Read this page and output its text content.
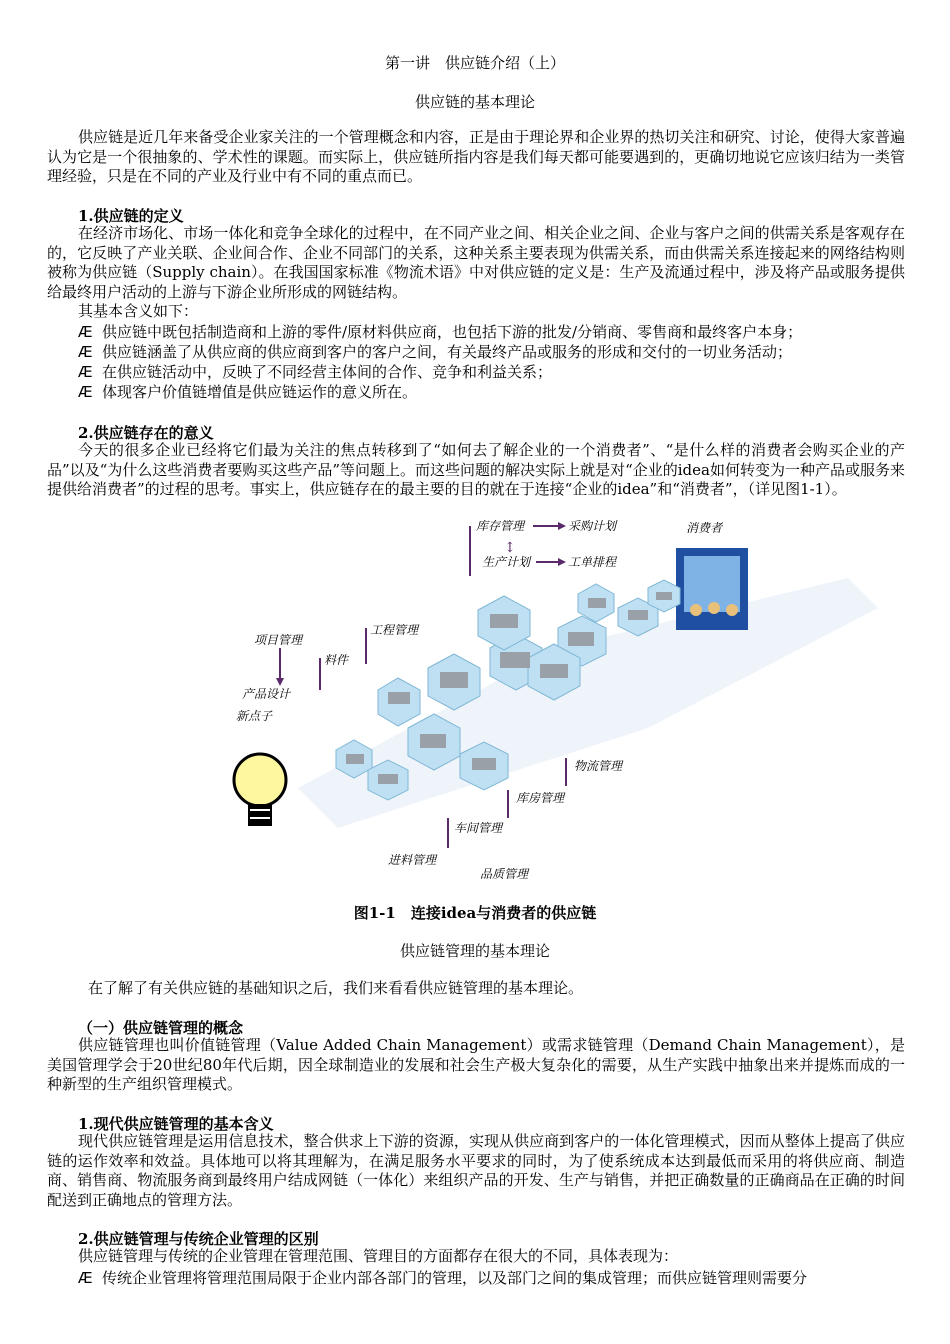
第一讲　供应链介绍（上）
供应链的基本理论

供应链是近几年来备受企业家关注的一个管理概念和内容，正是由于理论界和企业界的热切关注和研究、讨论，使得大家普遍认为它是一个很抽象的、学术性的课题。而实际上，供应链所指内容是我们每天都可能要遇到的，更确切地说它应该归结为一类管理经验，只是在不同的产业及行业中有不同的重点而已。

1.供应链的定义

在经济市场化、市场一体化和竞争全球化的过程中，在不同产业之间、相关企业之间、企业与客户之间的供需关系是客观存在的，它反映了产业关联、企业间合作、企业不同部门的关系，这种关系主要表现为供需关系，而由供需关系连接起来的网络结构则被称为供应链（Supply chain）。在我国国家标准《物流术语》中对供应链的定义是：生产及流通过程中，涉及将产品或服务提供给最终用户活动的上游与下游企业所形成的网链结构。

其基本含义如下：

Æ 供应链中既包括制造商和上游的零件/原材料供应商，也包括下游的批发/分销商、零售商和最终客户本身；

Æ 供应链涵盖了从供应商的供应商到客户的客户之间，有关最终产品或服务的形成和交付的一切业务活动；

Æ 在供应链活动中，反映了不同经营主体间的合作、竞争和利益关系；

Æ 体现客户价值链增值是供应链运作的意义所在。

2.供应链存在的意义

今天的很多企业已经将它们最为关注的焦点转移到了“如何去了解企业的一个消费者”、“是什么样的消费者会购买企业的产品”以及“为什么这些消费者要购买这些产品”等问题上。而这些问题的解决实际上就是对“企业的idea如何转变为一种产品或服务来提供给消费者”的过程的思考。事实上，供应链存在的最主要的目的就在于连接“企业的idea”和“消费者”，（详见图1-1）。

库存管理	采购计划
↕
生产计划	工单排程
消费者
项目管理
工程管理
料件
产品设计
新点子
物流管理
库房管理
车间管理
进料管理
品质管理
图1-1　连接idea与消费者的供应链
供应链管理的基本理论

在了解了有关供应链的基础知识之后，我们来看看供应链管理的基本理论。

（一）供应链管理的概念

供应链管理也叫价值链管理（Value Added Chain Management）或需求链管理（Demand Chain Management），是美国管理学会于20世纪80年代后期，因全球制造业的发展和社会生产极大复杂化的需要，从生产实践中抽象出来并提炼而成的一种新型的生产组织管理模式。

1.现代供应链管理的基本含义

现代供应链管理是运用信息技术，整合供求上下游的资源，实现从供应商到客户的一体化管理模式，因而从整体上提高了供应链的运作效率和效益。具体地可以将其理解为，在满足服务水平要求的同时，为了使系统成本达到最低而采用的将供应商、制造商、销售商、物流服务商到最终用户结成网链（一体化）来组织产品的开发、生产与销售，并把正确数量的正确商品在正确的时间配送到正确地点的管理方法。

2.供应链管理与传统企业管理的区别

供应链管理与传统的企业管理在管理范围、管理目的方面都存在很大的不同，具体表现为：

Æ 传统企业管理将管理范围局限于企业内部各部门的管理，以及部门之间的集成管理；而供应链管理则需要分
